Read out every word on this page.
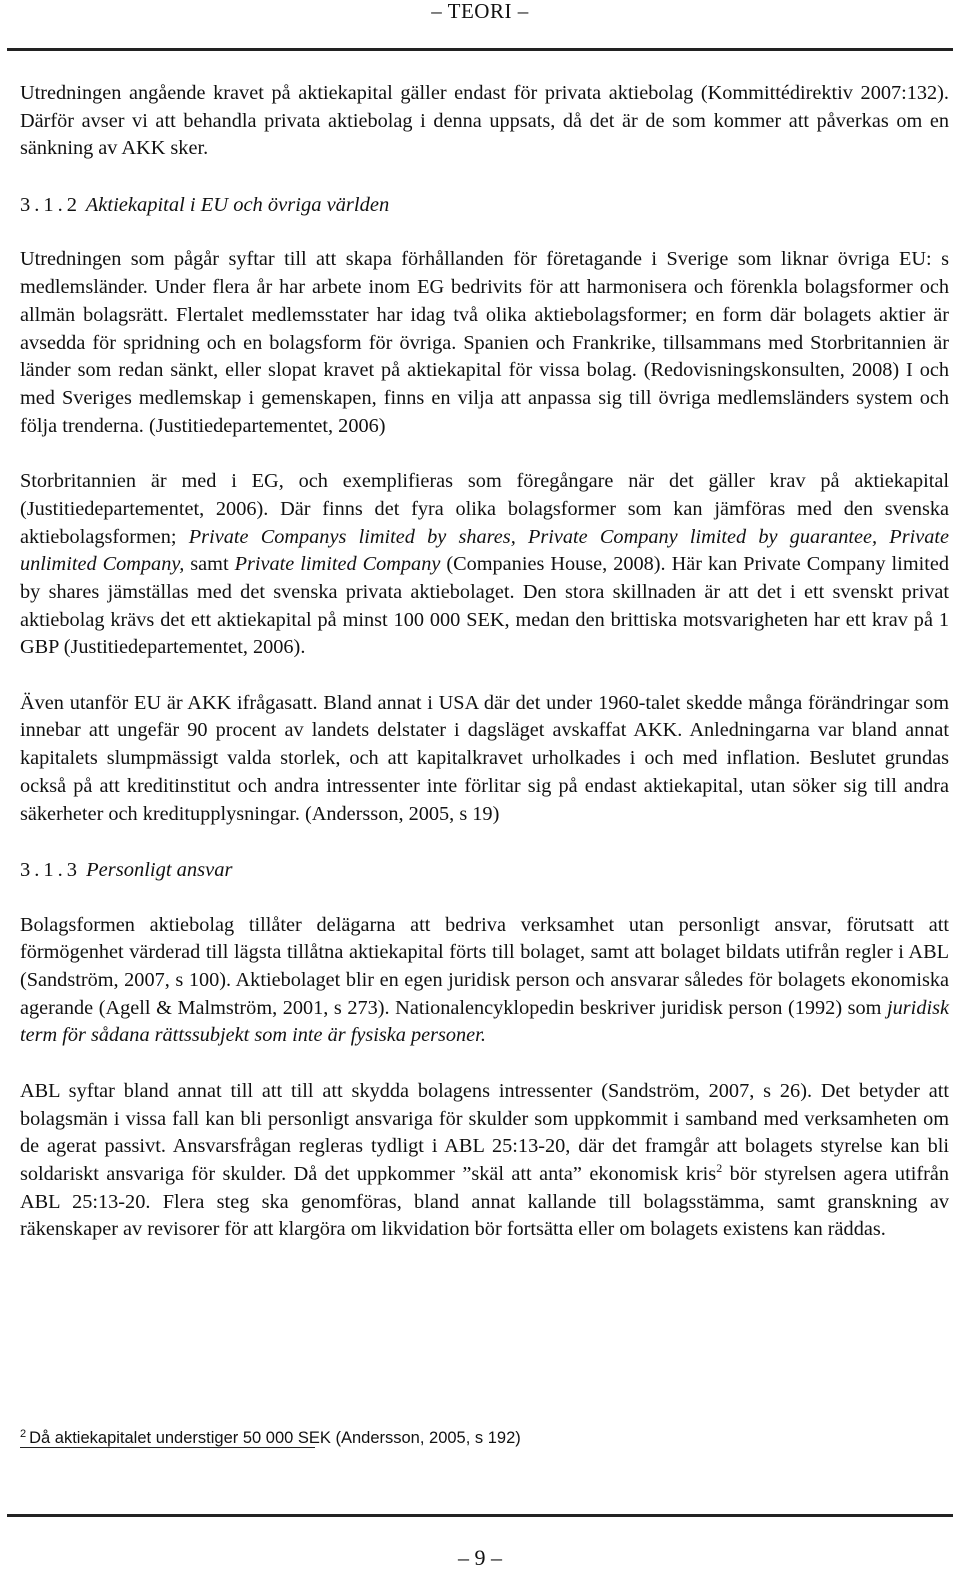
– TEORI –

Utredningen angående kravet på aktiekapital gäller endast för privata aktiebolag (Kommittédirektiv 2007:132). Därför avser vi att behandla privata aktiebolag i denna uppsats, då det är de som kommer att påverkas om en sänkning av AKK sker.

3.1.2 Aktiekapital i EU och övriga världen

Utredningen som pågår syftar till att skapa förhållanden för företagande i Sverige som liknar övriga EU: s medlemsländer. Under flera år har arbete inom EG bedrivits för att harmonisera och förenkla bolagsformer och allmän bolagsrätt. Flertalet medlemsstater har idag två olika aktiebolagsformer; en form där bolagets aktier är avsedda för spridning och en bolagsform för övriga. Spanien och Frankrike, tillsammans med Storbritannien är länder som redan sänkt, eller slopat kravet på aktiekapital för vissa bolag. (Redovisningskonsulten, 2008) I och med Sveriges medlemskap i gemenskapen, finns en vilja att anpassa sig till övriga medlemsländers system och följa trenderna. (Justitiedepartementet, 2006)

Storbritannien är med i EG, och exemplifieras som föregångare när det gäller krav på aktiekapital (Justitiedepartementet, 2006). Där finns det fyra olika bolagsformer som kan jämföras med den svenska aktiebolagsformen; Private Companys limited by shares, Private Company limited by guarantee, Private unlimited Company, samt Private limited Company (Companies House, 2008). Här kan Private Company limited by shares jämställas med det svenska privata aktiebolaget. Den stora skillnaden är att det i ett svenskt privat aktiebolag krävs det ett aktiekapital på minst 100 000 SEK, medan den brittiska motsvarigheten har ett krav på 1 GBP (Justitiedepartementet, 2006).

Även utanför EU är AKK ifrågasatt. Bland annat i USA där det under 1960-talet skedde många förändringar som innebar att ungefär 90 procent av landets delstater i dagsläget avskaffat AKK. Anledningarna var bland annat kapitalets slumpmässigt valda storlek, och att kapitalkravet urholkades i och med inflation. Beslutet grundas också på att kreditinstitut och andra intressenter inte förlitar sig på endast aktiekapital, utan söker sig till andra säkerheter och kreditupplysningar. (Andersson, 2005, s 19)

3.1.3 Personligt ansvar

Bolagsformen aktiebolag tillåter delägarna att bedriva verksamhet utan personligt ansvar, förutsatt att förmögenhet värderad till lägsta tillåtna aktiekapital förts till bolaget, samt att bolaget bildats utifrån regler i ABL (Sandström, 2007, s 100). Aktiebolaget blir en egen juridisk person och ansvarar således för bolagets ekonomiska agerande (Agell & Malmström, 2001, s 273). Nationalencyklopedin beskriver juridisk person (1992) som juridisk term för sådana rättssubjekt som inte är fysiska personer.

ABL syftar bland annat till att till att skydda bolagens intressenter (Sandström, 2007, s 26). Det betyder att bolagsmän i vissa fall kan bli personligt ansvariga för skulder som uppkommit i samband med verksamheten om de agerat passivt. Ansvarsfrågan regleras tydligt i ABL 25:13-20, där det framgår att bolagets styrelse kan bli soldariskt ansvariga för skulder. Då det uppkommer ”skäl att anta” ekonomisk kris$^2$ bör styrelsen agera utifrån ABL 25:13-20. Flera steg ska genomföras, bland annat kallande till bolagsstämma, samt granskning av räkenskaper av revisorer för att klargöra om likvidation bör fortsätta eller om bolagets existens kan räddas.

$^2$ Då aktiekapitalet understiger 50 000 SEK (Andersson, 2005, s 192)
– 9 –
